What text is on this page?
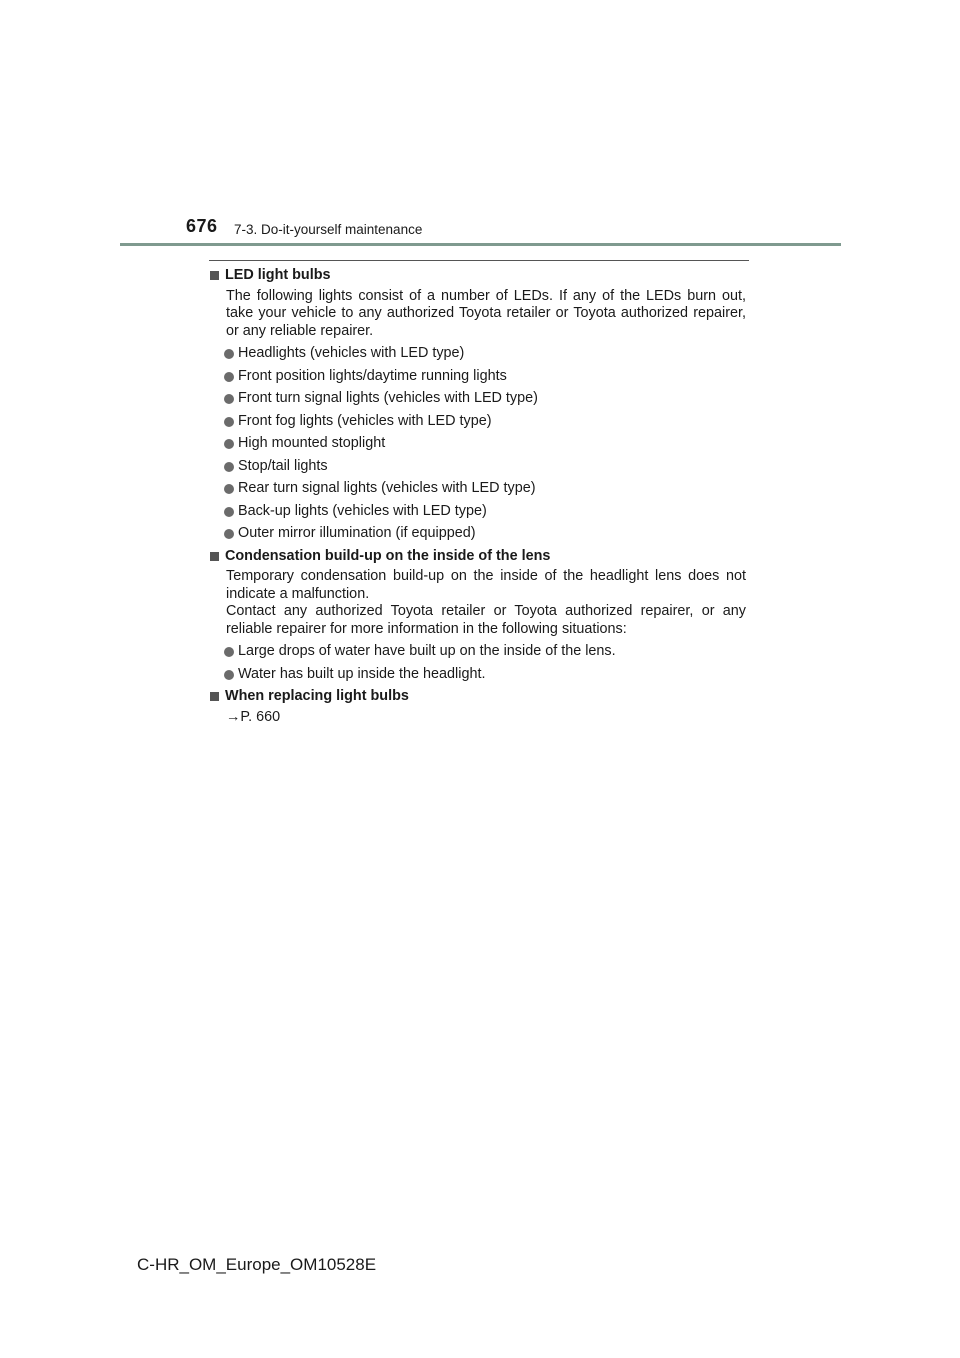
676 7-3. Do-it-yourself maintenance
LED light bulbs
The following lights consist of a number of LEDs. If any of the LEDs burn out, take your vehicle to any authorized Toyota retailer or Toyota authorized repairer, or any reliable repairer.
Headlights (vehicles with LED type)
Front position lights/daytime running lights
Front turn signal lights (vehicles with LED type)
Front fog lights (vehicles with LED type)
High mounted stoplight
Stop/tail lights
Rear turn signal lights (vehicles with LED type)
Back-up lights (vehicles with LED type)
Outer mirror illumination (if equipped)
Condensation build-up on the inside of the lens
Temporary condensation build-up on the inside of the headlight lens does not indicate a malfunction.
Contact any authorized Toyota retailer or Toyota authorized repairer, or any reliable repairer for more information in the following situations:
Large drops of water have built up on the inside of the lens.
Water has built up inside the headlight.
When replacing light bulbs
→P. 660
C-HR_OM_Europe_OM10528E
